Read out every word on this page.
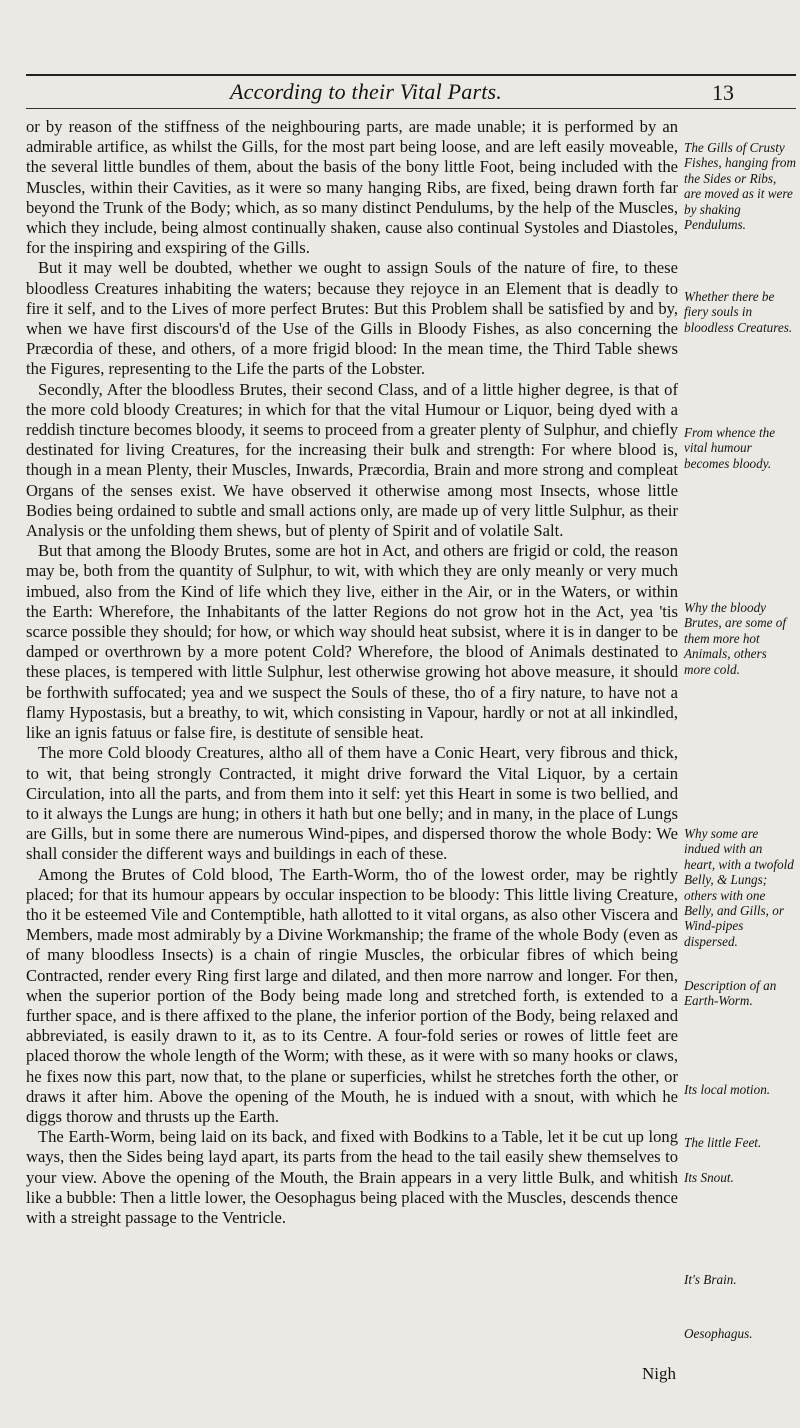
According to their Vital Parts.	13

or by reason of the stiffness of the neighbouring parts, are made unable; it is performed by an admirable artifice, as whilst the Gills, for the most part being loose, and are left easily moveable, the several little bundles of them, about the basis of the bony little Foot, being included with the Muscles, within their Cavities, as it were so many hanging Ribs, are fixed, being drawn forth far beyond the Trunk of the Body; which, as so many distinct Pendulums, by the help of the Muscles, which they include, being almost continually shaken, cause also continual Systoles and Diastoles, for the inspiring and exspiring of the Gills.

But it may well be doubted, whether we ought to assign Souls of the nature of fire, to these bloodless Creatures inhabiting the waters; because they rejoyce in an Element that is deadly to fire it self, and to the Lives of more perfect Brutes: But this Problem shall be satisfied by and by, when we have first discours'd of the Use of the Gills in Bloody Fishes, as also concerning the Præcordia of these, and others, of a more frigid blood: In the mean time, the Third Table shews the Figures, representing to the Life the parts of the Lobster.

Secondly, After the bloodless Brutes, their second Class, and of a little higher degree, is that of the more cold bloody Creatures; in which for that the vital Humour or Liquor, being dyed with a reddish tincture becomes bloody, it seems to proceed from a greater plenty of Sulphur, and chiefly destinated for living Creatures, for the increasing their bulk and strength: For where blood is, though in a mean Plenty, their Muscles, Inwards, Præcordia, Brain and more strong and compleat Organs of the senses exist. We have observed it otherwise among most Insects, whose little Bodies being ordained to subtle and small actions only, are made up of very little Sulphur, as their Analysis or the unfolding them shews, but of plenty of Spirit and of volatile Salt.

But that among the Bloody Brutes, some are hot in Act, and others are frigid or cold, the reason may be, both from the quantity of Sulphur, to wit, with which they are only meanly or very much imbued, also from the Kind of life which they live, either in the Air, or in the Waters, or within the Earth: Wherefore, the Inhabitants of the latter Regions do not grow hot in the Act, yea 'tis scarce possible they should; for how, or which way should heat subsist, where it is in danger to be damped or overthrown by a more potent Cold? Wherefore, the blood of Animals destinated to these places, is tempered with little Sulphur, lest otherwise growing hot above measure, it should be forthwith suffocated; yea and we suspect the Souls of these, tho of a firy nature, to have not a flamy Hypostasis, but a breathy, to wit, which consisting in Vapour, hardly or not at all inkindled, like an ignis fatuus or false fire, is destitute of sensible heat.

The more Cold bloody Creatures, altho all of them have a Conic Heart, very fibrous and thick, to wit, that being strongly Contracted, it might drive forward the Vital Liquor, by a certain Circulation, into all the parts, and from them into it self: yet this Heart in some is two bellied, and to it always the Lungs are hung; in others it hath but one belly; and in many, in the place of Lungs are Gills, but in some there are numerous Wind-pipes, and dispersed thorow the whole Body: We shall consider the different ways and buildings in each of these.

Among the Brutes of Cold blood, The Earth-Worm, tho of the lowest order, may be rightly placed; for that its humour appears by occular inspection to be bloody: This little living Creature, tho it be esteemed Vile and Contemptible, hath allotted to it vital organs, as also other Viscera and Members, made most admirably by a Divine Workmanship; the frame of the whole Body (even as of many bloodless Insects) is a chain of ringie Muscles, the orbicular fibres of which being Contracted, render every Ring first large and dilated, and then more narrow and longer. For then, when the superior portion of the Body being made long and stretched forth, is extended to a further space, and is there affixed to the plane, the inferior portion of the Body, being relaxed and abbreviated, is easily drawn to it, as to its Centre. A four-fold series or rowes of little feet are placed thorow the whole length of the Worm; with these, as it were with so many hooks or claws, he fixes now this part, now that, to the plane or superficies, whilst he stretches forth the other, or draws it after him. Above the opening of the Mouth, he is indued with a snout, with which he diggs thorow and thrusts up the Earth.

The Earth-Worm, being laid on its back, and fixed with Bodkins to a Table, let it be cut up long ways, then the Sides being layd apart, its parts from the head to the tail easily shew themselves to your view. Above the opening of the Mouth, the Brain appears in a very little Bulk, and whitish like a bubble: Then a little lower, the Oesophagus being placed with the Muscles, descends thence with a streight passage to the Ventricle.

The Gills of Crusty Fishes, hanging from the Sides or Ribs, are moved as it were by shaking Pendulums.
Whether there be fiery souls in bloodless Creatures.
From whence the vital humour becomes bloody.
Why the bloody Brutes, are some of them more hot Animals, others more cold.
Why some are indued with an heart, with a twofold Belly, & Lungs; others with one Belly, and Gills, or Wind-pipes dispersed.
Description of an Earth-Worm.
Its local motion.
The little Feet.
Its Snout.
It's Brain.
Oesophagus.
Nigh
